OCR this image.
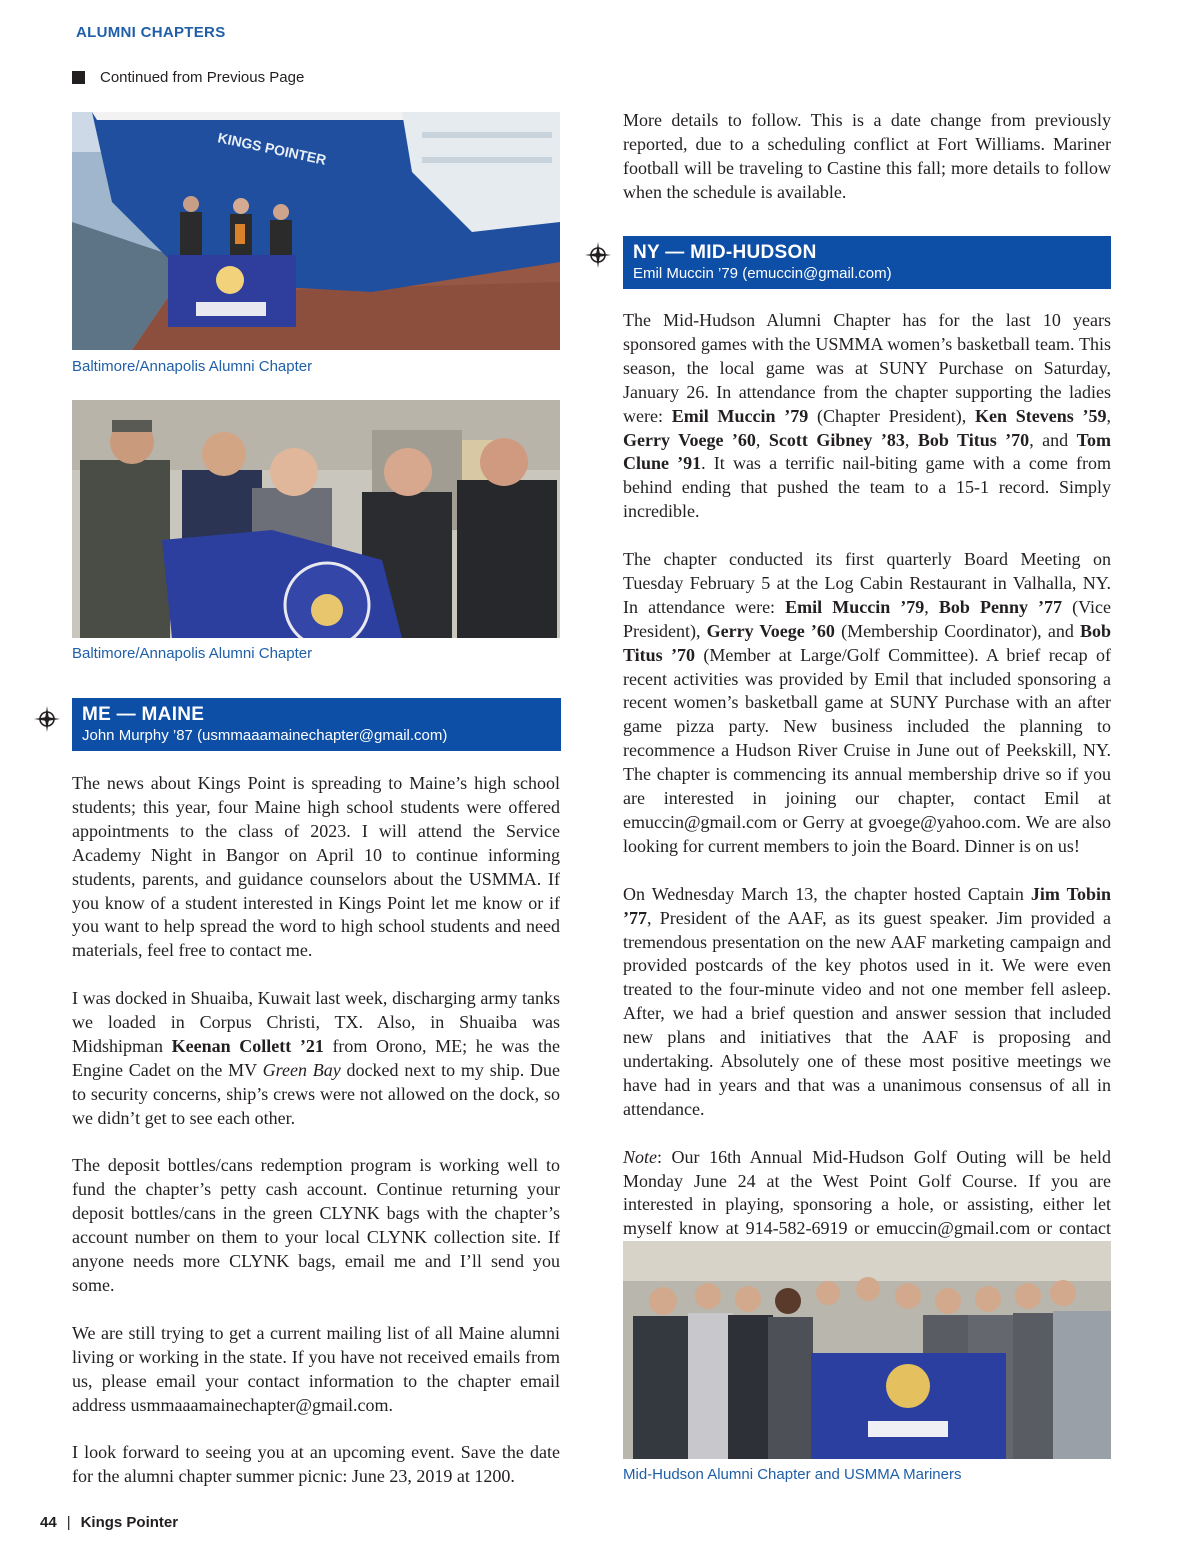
ALUMNI CHAPTERS
Continued from Previous Page
KINGS POINTER
Baltimore/Annapolis Alumni Chapter
Baltimore/Annapolis Alumni Chapter
ME — MAINE
John Murphy ’87 (usmmaaamainechapter@gmail.com)

The news about Kings Point is spreading to Maine’s high school students; this year, four Maine high school students were offered appointments to the class of 2023. I will attend the Service Academy Night in Bangor on April 10 to continue informing students, parents, and guidance counselors about the USMMA. If you know of a student interested in Kings Point let me know or if you want to help spread the word to high school students and need materials, feel free to contact me.

I was docked in Shuaiba, Kuwait last week, discharging army tanks we loaded in Corpus Christi, TX. Also, in Shuaiba was Midshipman Keenan Collett ’21 from Orono, ME; he was the Engine Cadet on the MV Green Bay docked next to my ship. Due to security concerns, ship’s crews were not allowed on the dock, so we didn’t get to see each other.

The deposit bottles/cans redemption program is working well to fund the chapter’s petty cash account. Continue returning your deposit bottles/cans in the green CLYNK bags with the chapter’s account number on them to your local CLYNK collection site. If anyone needs more CLYNK bags, email me and I’ll send you some.

We are still trying to get a current mailing list of all Maine alumni living or working in the state. If you have not received emails from us, please email your contact information to the chapter email address usmmaaamainechapter@gmail.com.

I look forward to seeing you at an upcoming event. Save the date for the alumni chapter summer picnic: June 23, 2019 at 1200.

More details to follow. This is a date change from previously reported, due to a scheduling conflict at Fort Williams. Mariner football will be traveling to Castine this fall; more details to follow when the schedule is available.

NY — MID-HUDSON
Emil Muccin ’79 (emuccin@gmail.com)

The Mid-Hudson Alumni Chapter has for the last 10 years sponsored games with the USMMA women’s basketball team. This season, the local game was at SUNY Purchase on Saturday, January 26. In attendance from the chapter supporting the ladies were: Emil Muccin ’79 (Chapter President), Ken Stevens ’59, Gerry Voege ’60, Scott Gibney ’83, Bob Titus ’70, and Tom Clune ’91. It was a terrific nail-biting game with a come from behind ending that pushed the team to a 15-1 record. Simply incredible.

The chapter conducted its first quarterly Board Meeting on Tuesday February 5 at the Log Cabin Restaurant in Valhalla, NY. In attendance were: Emil Muccin ’79, Bob Penny ’77 (Vice President), Gerry Voege ’60 (Membership Coordinator), and Bob Titus ’70 (Member at Large/Golf Committee). A brief recap of recent activities was provided by Emil that included sponsoring a recent women’s basketball game at SUNY Purchase with an after game pizza party. New business included the planning to recommence a Hudson River Cruise in June out of Peekskill, NY. The chapter is commencing its annual membership drive so if you are interested in joining our chapter, contact Emil at emuccin@gmail.com or Gerry at gvoege@yahoo.com. We are also looking for current members to join the Board. Dinner is on us!

On Wednesday March 13, the chapter hosted Captain Jim Tobin ’77, President of the AAF, as its guest speaker. Jim provided a tremendous presentation on the new AAF marketing campaign and provided postcards of the key photos used in it. We were even treated to the four-minute video and not one member fell asleep. After, we had a brief question and answer session that included new plans and initiatives that the AAF is proposing and undertaking. Absolutely one of these most positive meetings we have had in years and that was a unanimous consensus of all in attendance.

Note: Our 16th Annual Mid-Hudson Golf Outing will be held Monday June 24 at the West Point Golf Course. If you are interested in playing, sponsoring a hole, or assisting, either let myself know at 914-582-6919 or emuccin@gmail.com or contact

Mid-Hudson Alumni Chapter and USMMA Mariners
44 | Kings Pointer
